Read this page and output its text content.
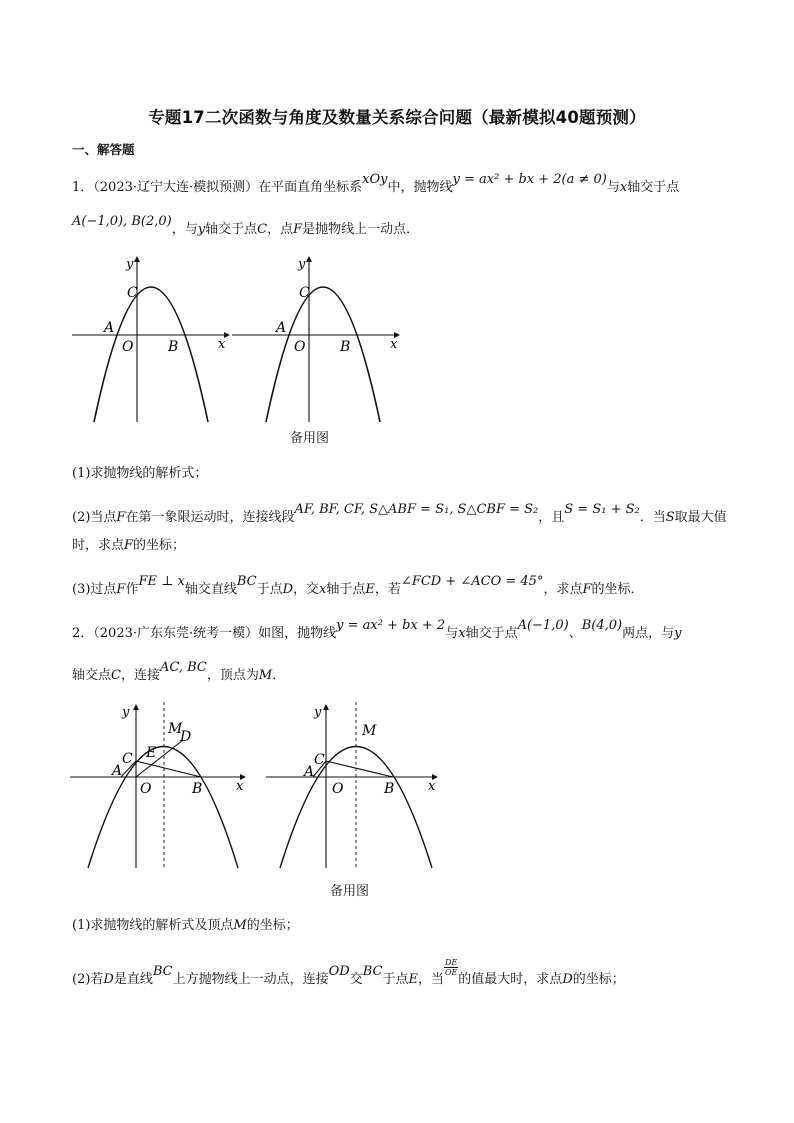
专题17二次函数与角度及数量关系综合问题（最新模拟40题预测）
一、解答题
1．（2023·辽宁大连·模拟预测）在平面直角坐标系xOy中，抛物线y = ax² + bx + 2(a ≠ 0)与x轴交于点
A(−1,0), B(2,0)，与y轴交于点C，点F是抛物线上一动点．
y
x
C
A
O B
y
x
C
A
O B
备用图
(1)求抛物线的解析式；
(2)当点F在第一象限运动时，连接线段AF, BF, CF, S△ABF = S₁, S△CBF = S₂，且S = S₁ + S₂．当S取最大值
时，求点F的坐标；
(3)过点F作FE ⊥ x轴交直线BC于点D，交x轴于点E，若∠FCD + ∠ACO = 45°，求点F的坐标．
2．（2023·广东东莞·统考一模）如图，抛物线y = ax² + bx + 2与x轴交于点A(−1,0)、B(4,0)两点，与y
轴交点C，连接AC, BC，顶点为M．
y
x
M
D
E
C
A
O	B
y
x
M
C
A
O	B
备用图
(1)求抛物线的解析式及顶点M的坐标；
(2)若D是直线BC上方抛物线上一动点，连接OD交BC于点E，当
$\frac{DE}{OE}$
的值最大时，求点D的坐标；
